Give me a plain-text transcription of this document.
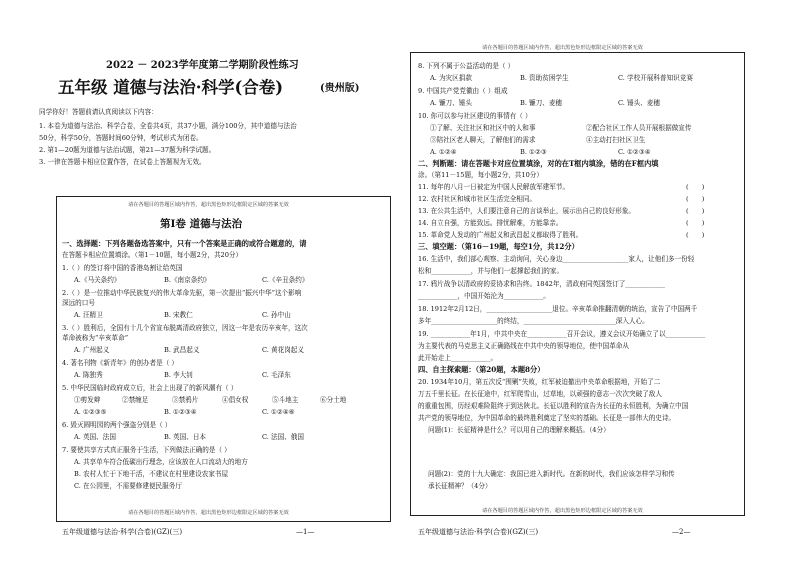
2022 － 2023学年度第二学期阶段性练习
五年级 道德与法治·科学(合卷)	(贵州版)
同学你好！答题前请认真阅读以下内容：
1. 本卷为道德与法治、科学合卷，全卷共4页，共37小题，满分100分，其中道德与法治
50分，科学50分，答题时间60分钟，考试形式为闭卷。
2. 第1—20题为道德与法治试题，第21—37题为科学试题。
3. 一律在答题卡相应位置作答，在试卷上答题视为无效。
请在各题目的答题区域内作答，超出黑色矩形边框限定区域的答案无效
第Ⅰ卷 道德与法治
一、选择题：下列各题备选答案中，只有一个答案是正确的或符合题意的，请
在答题卡相应位置填涂。（第1－10题，每小题2分，共20分）
1.（ ）的签订将中国的香港岛割让给英国
A.《马关条约》	B.《南京条约》	C.《辛丑条约》
2.（ ）是一位推动中华民族复兴的伟大革命先驱，第一次提出“振兴中华”这个影响
深远的口号
A. 汪精卫	B. 宋教仁	C. 孙中山
3.（ ）胜利后，全国有十几个省宣布脱离清政府独立，因这一年是农历辛亥年，这次
革命被称为“辛亥革命”
A. 广州起义	B. 武昌起义	C. 黄花岗起义
4. 著名刊物《新青年》的创办者是（ ）
A. 陈独秀	B. 李大钊	C. 毛泽东
5. 中华民国临时政府成立后，社会上出现了的新风潮有（ ）
①剪发辫	②禁缠足	③禁鸦片	④倡女权	⑤斗地主	⑥分土地
A. ①②③⑤	B. ①②③④	C. ①②④⑥
6. 毁灭圆明园的两个强盗分别是（ ）
A. 英国、法国	B. 英国、日本	C. 法国、俄国
7. 要使共享方式真正服务于生活，下列做法正确的是（ ）
A. 共享单车符合低碳出行理念，应该放在人口流动大的地方
B. 农村人忙于下地干活，不建议在村里建设农家书屋
C. 在公园里，不需要修建便民服务厅
请在各题目的答题区域内作答，超出黑色矩形边框限定区域的答案无效
五年级道德与法治·科学(合卷)(GZ)(三)	—1—
请在各题目的答题区域内作答，超出黑色矩形边框限定区域的答案无效
8. 下列不属于公益活动的是（ ）
A. 为灾区捐款	B. 资助贫困学生	C. 学校开展科普知识竞赛
9. 中国共产党党徽由（ ）组成
A. 镰刀、锤头	B. 镰刀、麦穗	C. 锤头、麦穗
10. 你可以参与社区建设的事情有（ ）
①了解、关注社区和社区中的人和事	②配合社区工作人员开展根据做宣传
③陪社区老人聊天，了解他们的需求	④主动打扫社区卫生
A. ①②④	B. ①②③	C. ①②③④
二、判断题：请在答题卡对应位置填涂，对的在T框内填涂，错的在F框内填
涂。（第11－15题，每小题2分，共10分）
11. 每年的八月一日被定为中国人民解放军建军节。	(　　)
12. 农村社区和城市社区生活完全相同。	(　　)
13. 在公共生活中，人们要注意自己的言谈举止，展示出自己的良好形象。	(　　)
14. 自立自强，方能致远。排忧解难，方能靠亲。	(　　)
15. 革命党人发动的广州起义和武昌起义都取得了胜利。	(　　)
三、填空题：（第16－19题，每空1分，共12分）
16. 生活中，我们部心观察、主动询问，关心身边____________________家人，让他们多一份轻
松和____________，并与他们一起撑起我们的家。
17. 鸦片战争以清政府的妥协求和告终。1842年，清政府同英国签订了____________
____________，中国开始沦为____________。
18. 1912年2月12日，____________________退位。辛亥革命推翻清朝的统治，宣告了中国两千
多年____________________的终结，____________________________深入人心。
19. ____________年1月，中共中央在____________召开会议，遵义会议开始确立了以____________
为主要代表的马克思主义正确路线在中共中央的领导地位，使中国革命从
此开始走上____________。
四、自主探索题：（第20题，本题8分）
20. 1934年10月，第五次反“围剿”失败，红军被迫撤出中央革命根据地，开始了二
万五千里长征。在长征途中，红军爬雪山，过草地，以顽强的意志一次次突破了敌人
的重重包围，历经艰难险阻终于到达陕北。长征以胜利的宣告为长征的永恒胜利，为确立中国
共产党的领导地位，为中国革命的最终胜利奠定了坚实的基础。长征是一部伟大的史诗。
问题(1)：长征精神是什么？可以用自己的理解来概括。（4分）
问题(2)：党的十九大确定：我国已进入新时代。在新的时代，我们应该怎样学习和传
承长征精神？（4分）
请在各题目的答题区域内作答，超出黑色矩形边框限定区域的答案无效
五年级道德与法治·科学(合卷)(GZ)(三)	—2—
